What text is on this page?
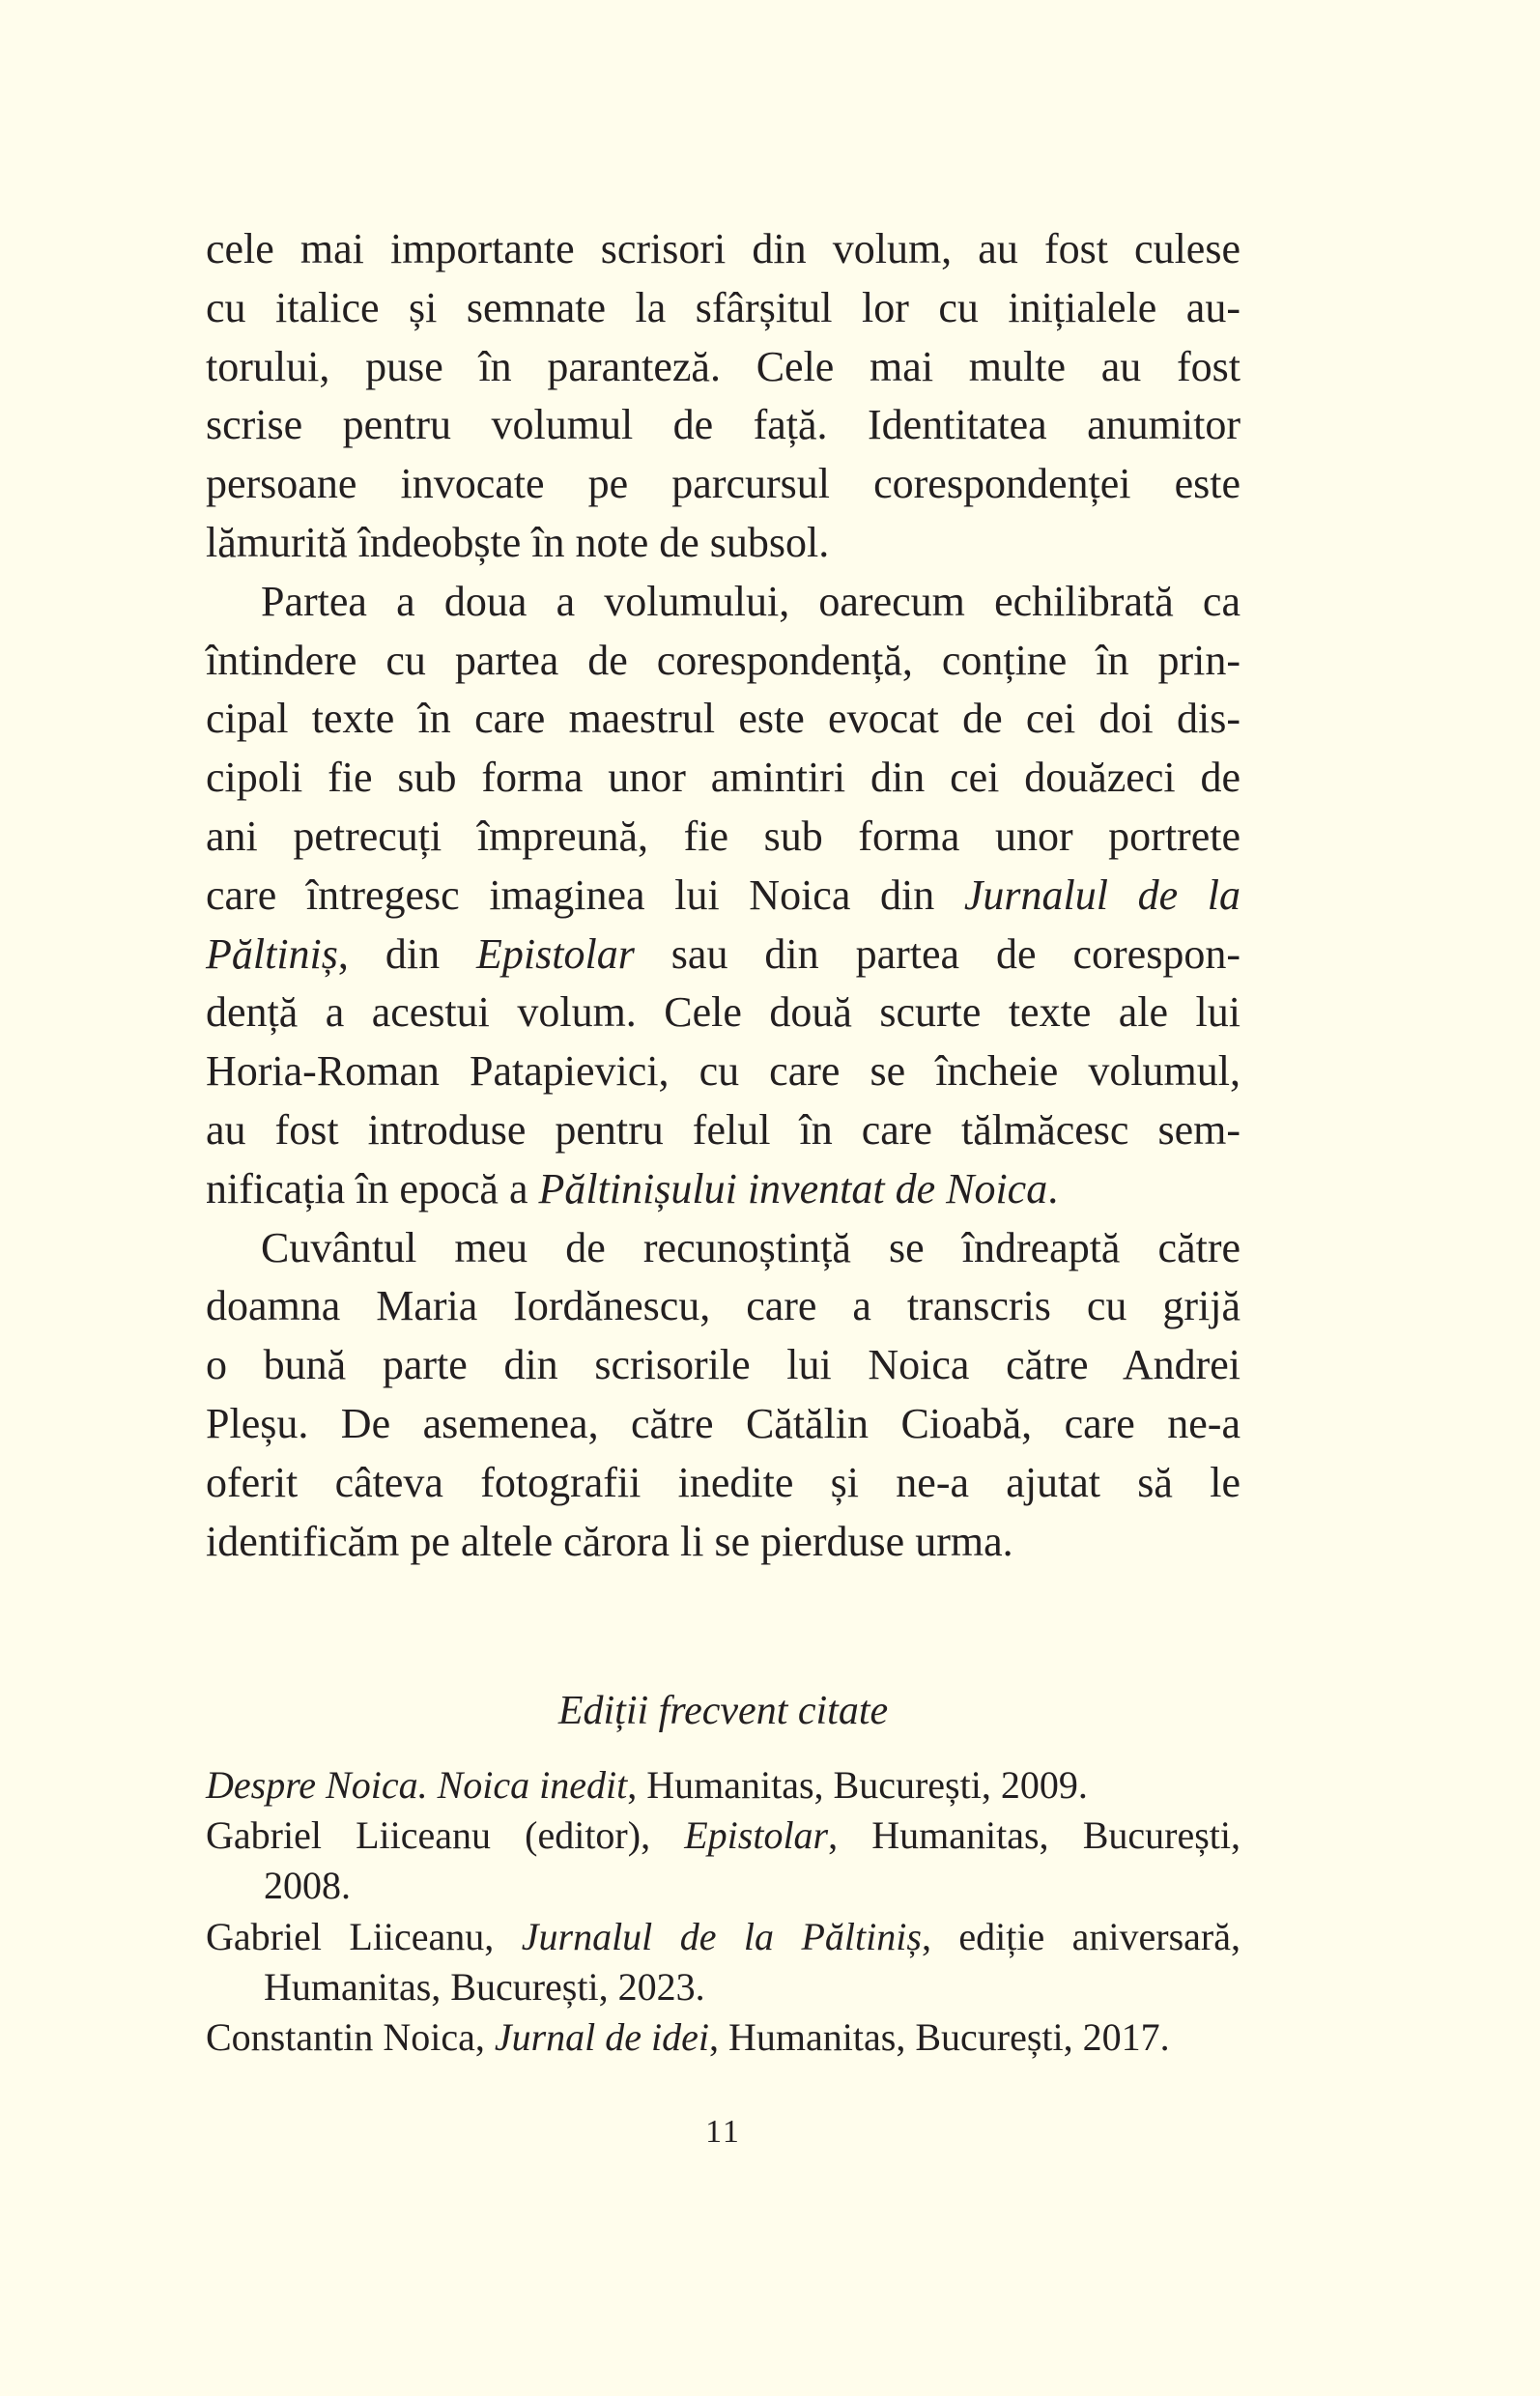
cele mai importante scrisori din volum, au fost culese
cu italice și semnate la sfârșitul lor cu inițialele au-
torului, puse în paranteză. Cele mai multe au fost
scrise pentru volumul de față. Identitatea anumitor
persoane invocate pe parcursul corespondenței este
lămurită îndeobște în note de subsol.
Partea a doua a volumului, oarecum echilibrată ca
întindere cu partea de corespondență, conține în prin-
cipal texte în care maestrul este evocat de cei doi dis-
cipoli fie sub forma unor amintiri din cei douăzeci de
ani petrecuți împreună, fie sub forma unor portrete
care întregesc imaginea lui Noica din Jurnalul de la
Păltiniș, din Epistolar sau din partea de corespon-
dență a acestui volum. Cele două scurte texte ale lui
Horia-Roman Patapievici, cu care se încheie volumul,
au fost introduse pentru felul în care tălmăcesc sem-
nificația în epocă a Păltinișului inventat de Noica.
Cuvântul meu de recunoștință se îndreaptă către
doamna Maria Iordănescu, care a transcris cu grijă
o bună parte din scrisorile lui Noica către Andrei
Pleșu. De asemenea, către Cătălin Cioabă, care ne-a
oferit câteva fotografii inedite și ne-a ajutat să le
identificăm pe altele cărora li se pierduse urma.
Ediții frecvent citate
Despre Noica. Noica inedit, Humanitas, București, 2009.
Gabriel Liiceanu (editor), Epistolar, Humanitas, București,
2008.
Gabriel Liiceanu, Jurnalul de la Păltiniș, ediție aniversară,
Humanitas, București, 2023.
Constantin Noica, Jurnal de idei, Humanitas, București, 2017.
11
